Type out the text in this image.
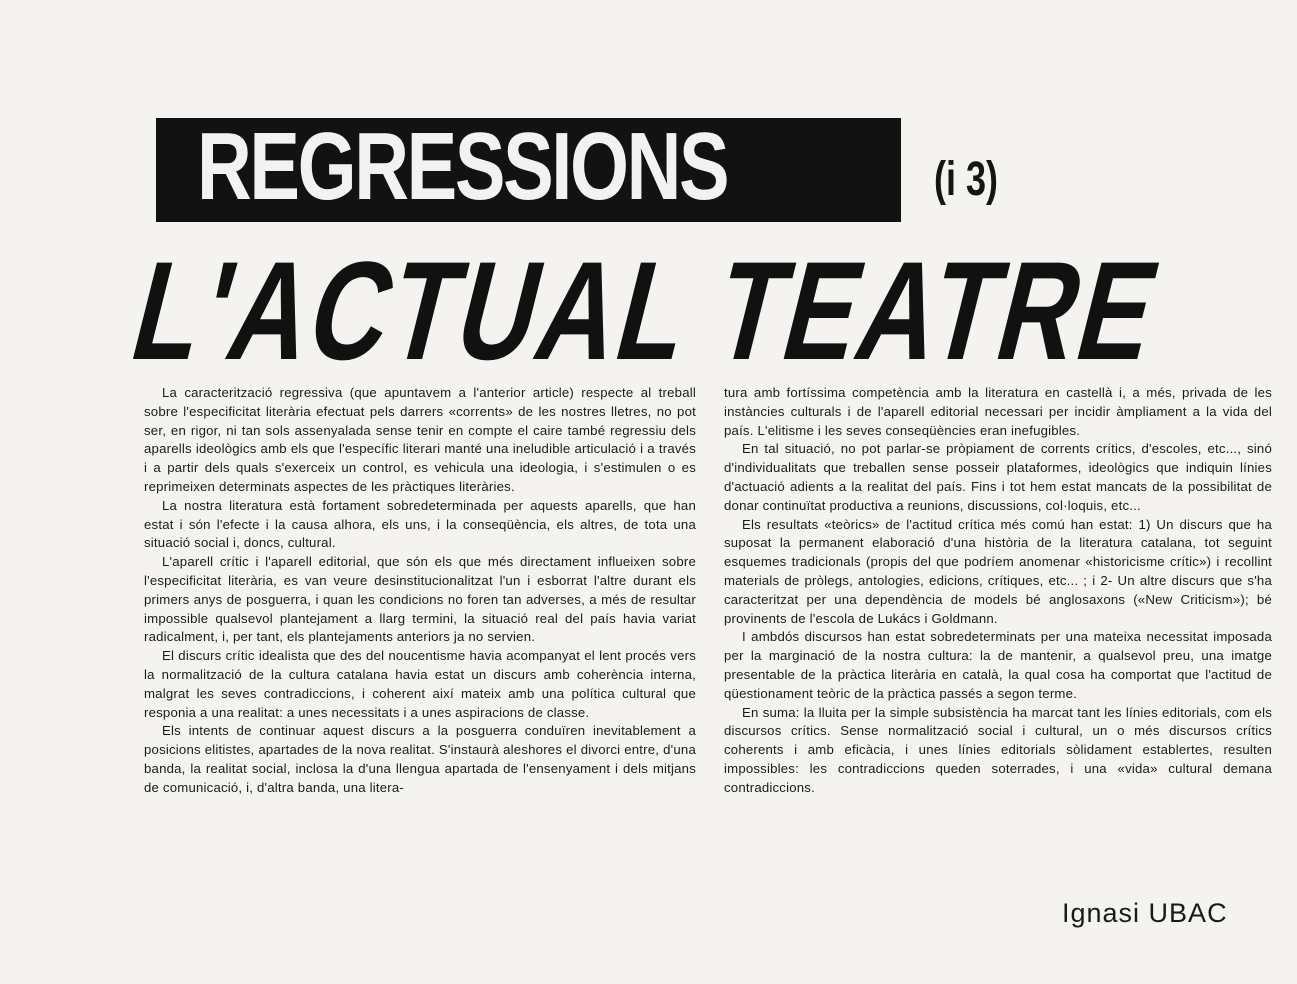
REGRESSIONS	(i 3)
L'ACTUAL TEATRE

La caracterització regressiva (que apuntavem a l'anterior article) respecte al treball sobre l'especificitat literària efectuat pels darrers «corrents» de les nostres lletres, no pot ser, en rigor, ni tan sols assenyalada sense tenir en compte el caire també regressiu dels aparells ideològics amb els que l'específic literari manté una ineludible articulació i a través i a partir dels quals s'exerceix un control, es vehicula una ideologia, i s'estimulen o es reprimeixen determinats aspectes de les pràctiques literàries.

La nostra literatura està fortament sobredeterminada per aquests aparells, que han estat i són l'efecte i la causa alhora, els uns, i la conseqüència, els altres, de tota una situació social i, doncs, cultural.

L'aparell crític i l'aparell editorial, que són els que més directament influeixen sobre l'especificitat literària, es van veure desinstitucionalitzat l'un i esborrat l'altre durant els primers anys de posguerra, i quan les condicions no foren tan adverses, a més de resultar impossible qualsevol plantejament a llarg termini, la situació real del país havia variat radicalment, i, per tant, els plantejaments anteriors ja no servien.

El discurs crític idealista que des del noucentisme havia acompanyat el lent procés vers la normalització de la cultura catalana havia estat un discurs amb coherència interna, malgrat les seves contradiccions, i coherent així mateix amb una política cultural que responia a una realitat: a unes necessitats i a unes aspiracions de classe.

Els intents de continuar aquest discurs a la posguerra conduïren inevitablement a posicions elitistes, apartades de la nova realitat. S'instaurà aleshores el divorci entre, d'una banda, la realitat social, inclosa la d'una llengua apartada de l'ensenyament i dels mitjans de comunicació, i, d'altra banda, una litera-

tura amb fortíssima competència amb la literatura en castellà i, a més, privada de les instàncies culturals i de l'aparell editorial necessari per incidir àmpliament a la vida del país. L'elitisme i les seves conseqüències eran inefugibles.

En tal situació, no pot parlar-se pròpiament de corrents crítics, d'escoles, etc..., sinó d'individualitats que treballen sense posseir plataformes, ideològics que indiquin línies d'actuació adients a la realitat del país. Fins i tot hem estat mancats de la possibilitat de donar continuïtat productiva a reunions, discussions, col·loquis, etc...

Els resultats «teòrics» de l'actitud crítica més comú han estat: 1) Un discurs que ha suposat la permanent elaboració d'una història de la literatura catalana, tot seguint esquemes tradicionals (propis del que podríem anomenar «historicisme crític») i recollint materials de pròlegs, antologies, edicions, crítiques, etc... ; i 2- Un altre discurs que s'ha caracteritzat per una dependència de models bé anglosaxons («New Criticism»); bé provinents de l'escola de Lukács i Goldmann.

I ambdós discursos han estat sobredeterminats per una mateixa necessitat imposada per la marginació de la nostra cultura: la de mantenir, a qualsevol preu, una imatge presentable de la pràctica literària en català, la qual cosa ha comportat que l'actitud de qüestionament teòric de la pràctica passés a segon terme.

En suma: la lluita per la simple subsistència ha marcat tant les línies editorials, com els discursos crítics. Sense normalització social i cultural, un o més discursos crítics coherents i amb eficàcia, i unes línies editorials sòlidament establertes, resulten impossibles: les contradiccions queden soterrades, i una «vida» cultural demana contradiccions.

Ignasi UBAC
